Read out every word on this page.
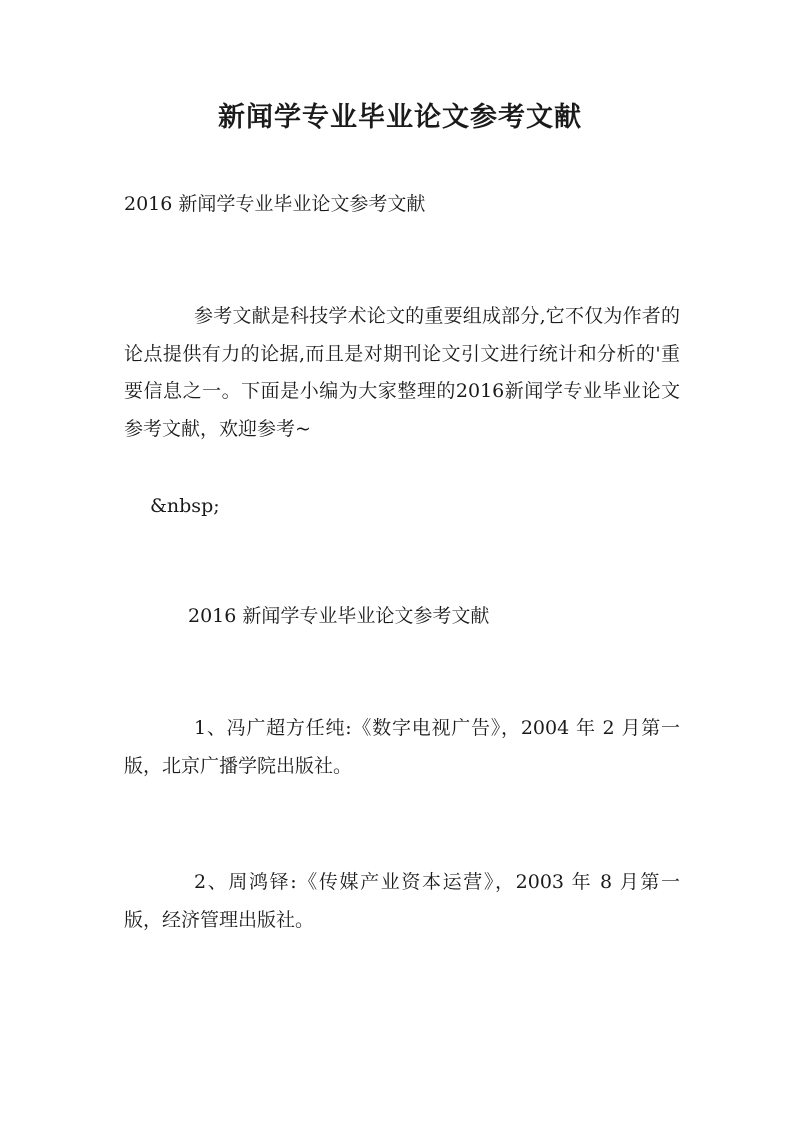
新闻学专业毕业论文参考文献

2016 新闻学专业毕业论文参考文献

参考文献是科技学术论文的重要组成部分,它不仅为作者的论点提供有力的论据,而且是对期刊论文引文进行统计和分析的'重要信息之一。下面是小编为大家整理的2016新闻学专业毕业论文参考文献，欢迎参考~

&nbsp;

2016 新闻学专业毕业论文参考文献

1、冯广超方任纯:《数字电视广告》，2004 年 2 月第一版，北京广播学院出版社。

2、周鸿铎:《传媒产业资本运营》，2003 年 8 月第一版，经济管理出版社。
